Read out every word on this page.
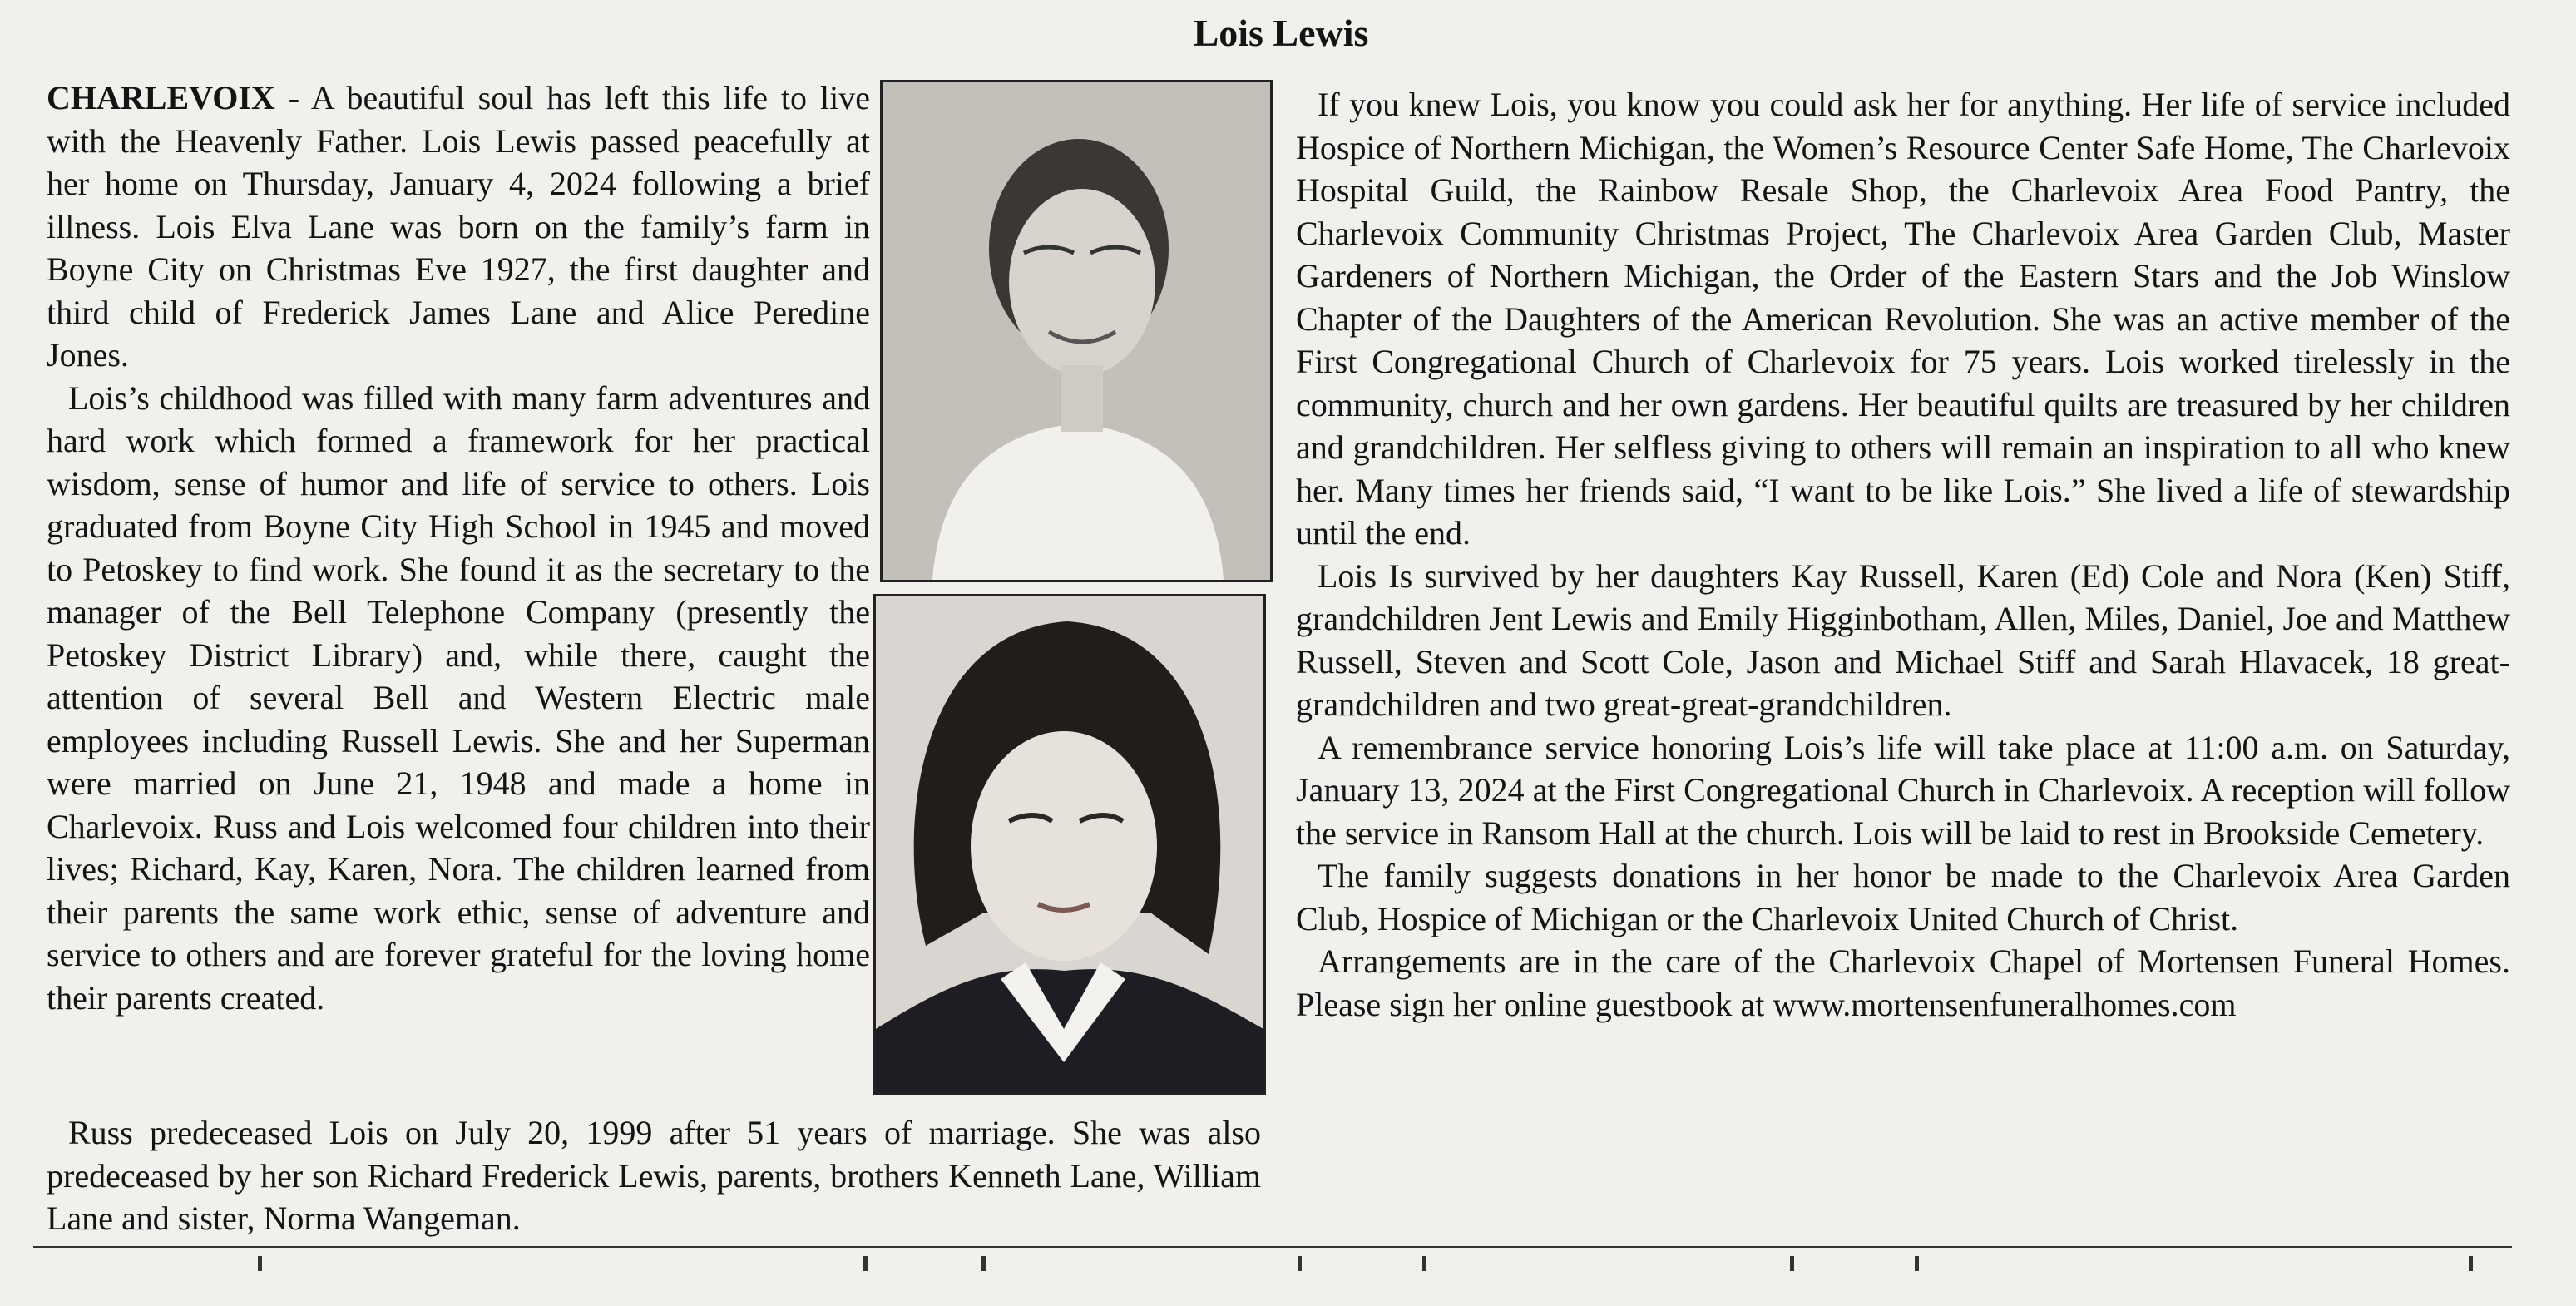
Lois Lewis

CHARLEVOIX - A beautiful soul has left this life to live with the Heavenly Father. Lois Lewis passed peacefully at her home on Thursday, January 4, 2024 following a brief illness. Lois Elva Lane was born on the family’s farm in Boyne City on Christmas Eve 1927, the first daughter and third child of Frederick James Lane and Alice Peredine Jones.

Lois’s childhood was filled with many farm adventures and hard work which formed a framework for her practical wisdom, sense of humor and life of service to others. Lois graduated from Boyne City High School in 1945 and moved to Petoskey to find work. She found it as the secretary to the manager of the Bell Telephone Company (presently the Petoskey District Library) and, while there, caught the attention of several Bell and Western Electric male employees including Russell Lewis. She and her Superman were married on June 21, 1948 and made a home in Charlevoix. Russ and Lois welcomed four children into their lives; Richard, Kay, Karen, Nora. The children learned from their parents the same work ethic, sense of adventure and service to others and are forever grateful for the loving home their parents created.

Russ predeceased Lois on July 20, 1999 after 51 years of marriage. She was also predeceased by her son Richard Frederick Lewis, parents, brothers Kenneth Lane, William Lane and sister, Norma Wangeman.

If you knew Lois, you know you could ask her for anything. Her life of service included Hospice of Northern Michigan, the Women’s Resource Center Safe Home, The Charlevoix Hospital Guild, the Rainbow Resale Shop, the Charlevoix Area Food Pantry, the Charlevoix Community Christmas Project, The Charlevoix Area Garden Club, Master Gardeners of Northern Michigan, the Order of the Eastern Stars and the Job Winslow Chapter of the Daughters of the American Revolution. She was an active member of the First Congregational Church of Charlevoix for 75 years. Lois worked tirelessly in the community, church and her own gardens. Her beautiful quilts are treasured by her children and grandchildren. Her selfless giving to others will remain an inspiration to all who knew her. Many times her friends said, “I want to be like Lois.” She lived a life of stewardship until the end.

Lois Is survived by her daughters Kay Russell, Karen (Ed) Cole and Nora (Ken) Stiff, grandchildren Jent Lewis and Emily Higginbotham, Allen, Miles, Daniel, Joe and Matthew Russell, Steven and Scott Cole, Jason and Michael Stiff and Sarah Hlavacek, 18 great-grandchildren and two great-great-grandchildren.

A remembrance service honoring Lois’s life will take place at 11:00 a.m. on Saturday, January 13, 2024 at the First Congregational Church in Charlevoix. A reception will follow the service in Ransom Hall at the church. Lois will be laid to rest in Brookside Cemetery.

The family suggests donations in her honor be made to the Charlevoix Area Garden Club, Hospice of Michigan or the Charlevoix United Church of Christ.

Arrangements are in the care of the Charlevoix Chapel of Mortensen Funeral Homes. Please sign her online guestbook at www.mortensenfuneralhomes.com
